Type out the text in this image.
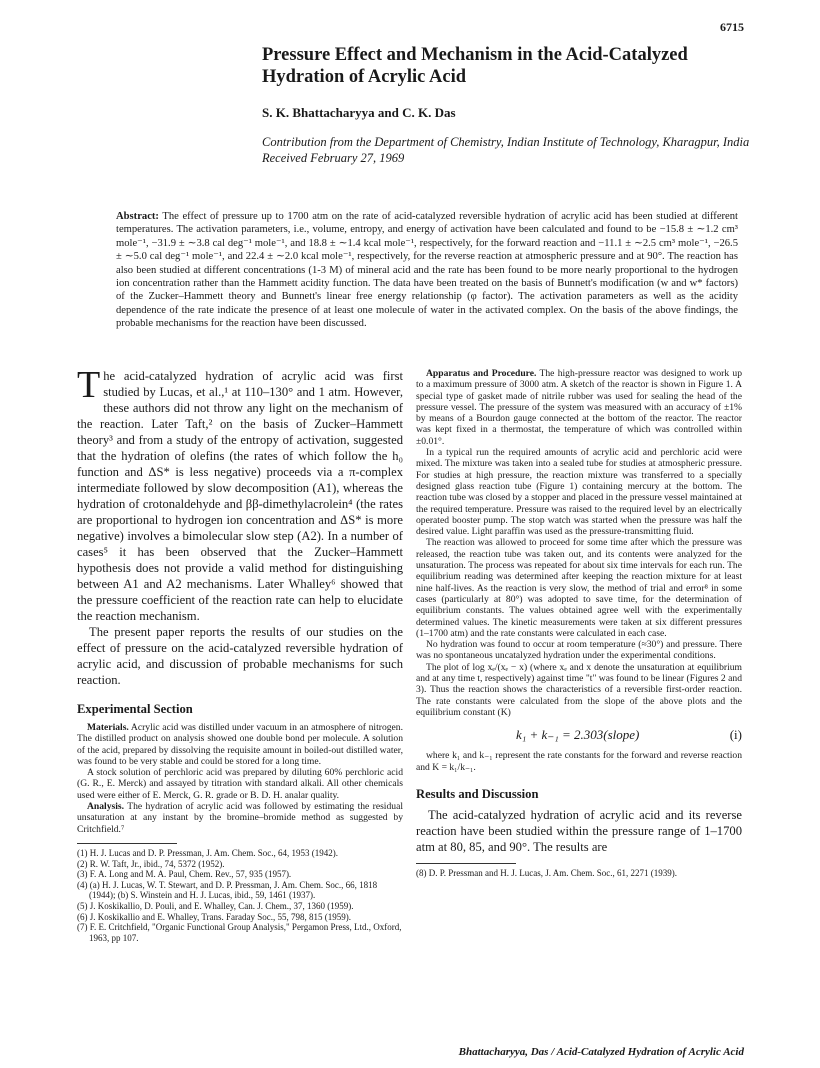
6715
Pressure Effect and Mechanism in the Acid-Catalyzed Hydration of Acrylic Acid

S. K. Bhattacharyya and C. K. Das

Contribution from the Department of Chemistry, Indian Institute of Technology, Kharagpur, India Received February 27, 1969

Abstract: The effect of pressure up to 1700 atm on the rate of acid-catalyzed reversible hydration of acrylic acid has been studied at different temperatures. The activation parameters, i.e., volume, entropy, and energy of activation have been calculated and found to be −15.8 ± ∼1.2 cm³ mole⁻¹, −31.9 ± ∼3.8 cal deg⁻¹ mole⁻¹, and 18.8 ± ∼1.4 kcal mole⁻¹, respectively, for the forward reaction and −11.1 ± ∼2.5 cm³ mole⁻¹, −26.5 ± ∼5.0 cal deg⁻¹ mole⁻¹, and 22.4 ± ∼2.0 kcal mole⁻¹, respectively, for the reverse reaction at atmospheric pressure and at 90°. The reaction has also been studied at different concentrations (1-3 M) of mineral acid and the rate has been found to be more nearly proportional to the hydrogen ion concentration rather than the Hammett acidity function. The data have been treated on the basis of Bunnett's modification (w and w* factors) of the Zucker–Hammett theory and Bunnett's linear free energy relationship (φ factor). The activation parameters as well as the acidity dependence of the rate indicate the presence of at least one molecule of water in the activated complex. On the basis of the above findings, the probable mechanisms for the reaction have been discussed.

The acid-catalyzed hydration of acrylic acid was first studied by Lucas, et al.,¹ at 110–130° and 1 atm. However, these authors did not throw any light on the mechanism of the reaction. Later Taft,² on the basis of Zucker–Hammett theory³ and from a study of the entropy of activation, suggested that the hydration of olefins (the rates of which follow the h₀ function and ΔS* is less negative) proceeds via a π-complex intermediate followed by slow decomposition (A1), whereas the hydration of crotonaldehyde and ββ-dimethylacrolein⁴ (the rates are proportional to hydrogen ion concentration and ΔS* is more negative) involves a bimolecular slow step (A2). In a number of cases⁵ it has been observed that the Zucker–Hammett hypothesis does not provide a valid method for distinguishing between A1 and A2 mechanisms. Later Whalley⁶ showed that the pressure coefficient of the reaction rate can help to elucidate the reaction mechanism.

The present paper reports the results of our studies on the effect of pressure on the acid-catalyzed reversible hydration of acrylic acid, and discussion of probable mechanisms for such reaction.

Experimental Section

Materials. Acrylic acid was distilled under vacuum in an atmosphere of nitrogen. The distilled product on analysis showed one double bond per molecule. A solution of the acid, prepared by dissolving the requisite amount in boiled-out distilled water, was found to be very stable and could be stored for a long time.

A stock solution of perchloric acid was prepared by diluting 60% perchloric acid (G. R., E. Merck) and assayed by titration with standard alkali. All other chemicals used were either of E. Merck, G. R. grade or B. D. H. analar quality.

Analysis. The hydration of acrylic acid was followed by estimating the residual unsaturation at any instant by the bromine–bromide method as suggested by Critchfield.⁷

(1) H. J. Lucas and D. P. Pressman, J. Am. Chem. Soc., 64, 1953 (1942).

(2) R. W. Taft, Jr., ibid., 74, 5372 (1952).

(3) F. A. Long and M. A. Paul, Chem. Rev., 57, 935 (1957).

(4) (a) H. J. Lucas, W. T. Stewart, and D. P. Pressman, J. Am. Chem. Soc., 66, 1818 (1944); (b) S. Winstein and H. J. Lucas, ibid., 59, 1461 (1937).

(5) J. Koskikallio, D. Pouli, and E. Whalley, Can. J. Chem., 37, 1360 (1959).

(6) J. Koskikallio and E. Whalley, Trans. Faraday Soc., 55, 798, 815 (1959).

(7) F. E. Critchfield, "Organic Functional Group Analysis," Pergamon Press, Ltd., Oxford, 1963, pp 107.

Apparatus and Procedure. The high-pressure reactor was designed to work up to a maximum pressure of 3000 atm. A sketch of the reactor is shown in Figure 1. A special type of gasket made of nitrile rubber was used for sealing the head of the pressure vessel. The pressure of the system was measured with an accuracy of ±1% by means of a Bourdon gauge connected at the bottom of the reactor. The reactor was kept fixed in a thermostat, the temperature of which was controlled within ±0.01°.

In a typical run the required amounts of acrylic acid and perchloric acid were mixed. The mixture was taken into a sealed tube for studies at atmospheric pressure. For studies at high pressure, the reaction mixture was transferred to a specially designed glass reaction tube (Figure 1) containing mercury at the bottom. The reaction tube was closed by a stopper and placed in the pressure vessel maintained at the required temperature. Pressure was raised to the required level by an electrically operated booster pump. The stop watch was started when the pressure was half the desired value. Light paraffin was used as the pressure-transmitting fluid.

The reaction was allowed to proceed for some time after which the pressure was released, the reaction tube was taken out, and its contents were analyzed for the unsaturation. The process was repeated for about six time intervals for each run. The equilibrium reading was determined after keeping the reaction mixture for at least nine half-lives. As the reaction is very slow, the method of trial and error⁸ in some cases (particularly at 80°) was adopted to save time, for the determination of equilibrium constants. The values obtained agree well with the experimentally determined values. The kinetic measurements were taken at six different pressures (1–1700 atm) and the rate constants were calculated in each case.

No hydration was found to occur at room temperature (≈30°) and pressure. There was no spontaneous uncatalyzed hydration under the experimental conditions.

The plot of log xₑ/(xₑ − x) (where xₑ and x denote the unsaturation at equilibrium and at any time t, respectively) against time "t" was found to be linear (Figures 2 and 3). Thus the reaction shows the characteristics of a reversible first-order reaction. The rate constants were calculated from the slope of the above plots and the equilibrium constant (K)

k₁ + k₋₁ = 2.303(slope)	(i)

where k₁ and k₋₁ represent the rate constants for the forward and reverse reaction and K = k₁/k₋₁.

Results and Discussion

The acid-catalyzed hydration of acrylic acid and its reverse reaction have been studied within the pressure range of 1–1700 atm at 80, 85, and 90°. The results are

(8) D. P. Pressman and H. J. Lucas, J. Am. Chem. Soc., 61, 2271 (1939).

Bhattacharyya, Das / Acid-Catalyzed Hydration of Acrylic Acid
